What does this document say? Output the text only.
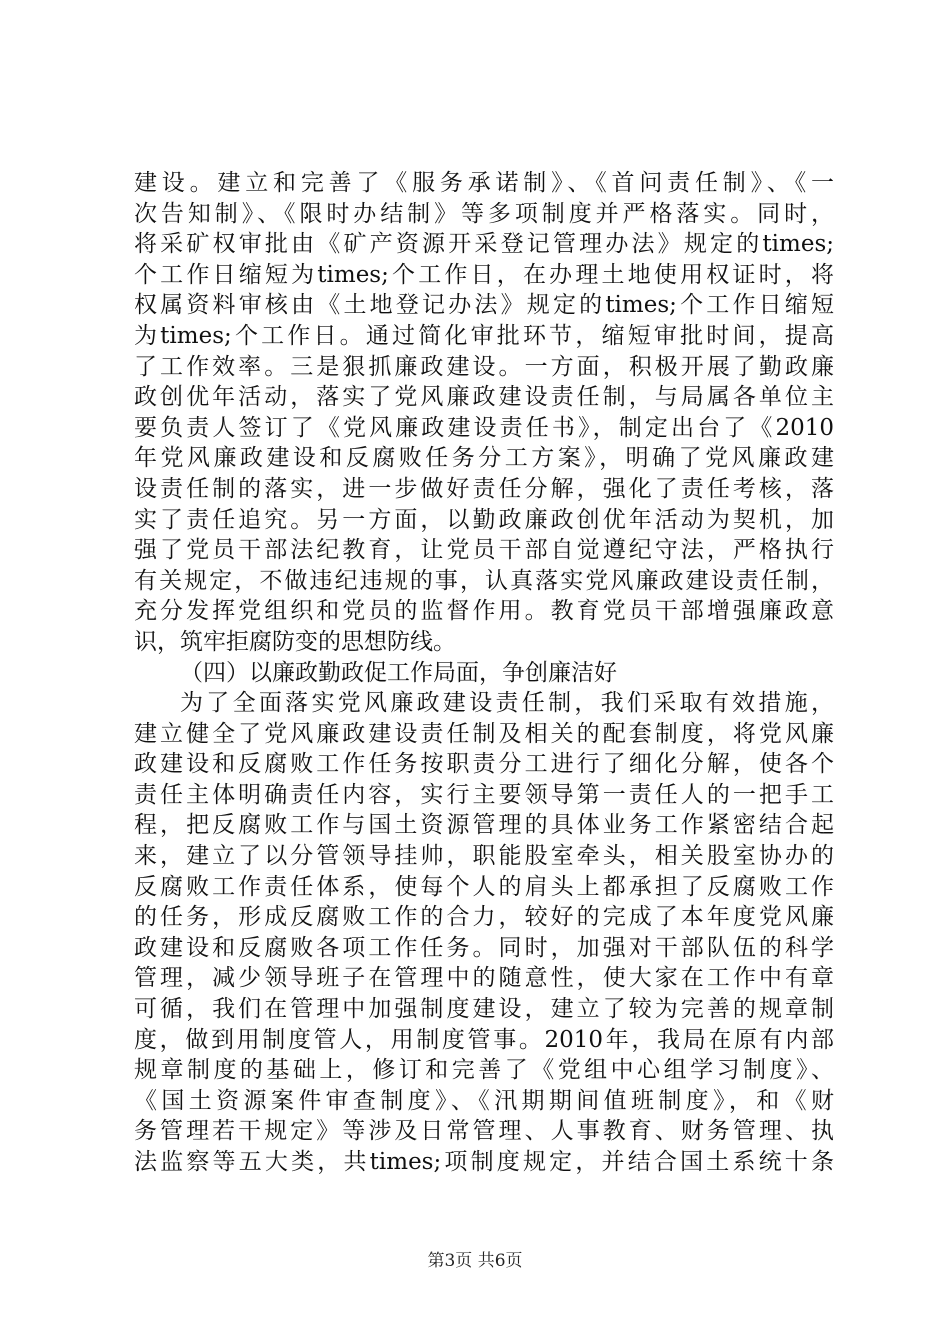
建设。建立和完善了《服务承诺制》、《首问责任制》、《一
次告知制》、《限时办结制》等多项制度并严格落实。同时，
将采矿权审批由《矿产资源开采登记管理办法》规定的times;
个工作日缩短为times;个工作日，在办理土地使用权证时，将
权属资料审核由《土地登记办法》规定的times;个工作日缩短
为times;个工作日。通过简化审批环节，缩短审批时间，提高
了工作效率。三是狠抓廉政建设。一方面，积极开展了勤政廉
政创优年活动，落实了党风廉政建设责任制，与局属各单位主
要负责人签订了《党风廉政建设责任书》，制定出台了《2010
年党风廉政建设和反腐败任务分工方案》，明确了党风廉政建
设责任制的落实，进一步做好责任分解，强化了责任考核，落
实了责任追究。另一方面，以勤政廉政创优年活动为契机，加
强了党员干部法纪教育，让党员干部自觉遵纪守法，严格执行
有关规定，不做违纪违规的事，认真落实党风廉政建设责任制，
充分发挥党组织和党员的监督作用。教育党员干部增强廉政意
识，筑牢拒腐防变的思想防线。
（四）以廉政勤政促工作局面，争创廉洁好
为了全面落实党风廉政建设责任制，我们采取有效措施，
建立健全了党风廉政建设责任制及相关的配套制度，将党风廉
政建设和反腐败工作任务按职责分工进行了细化分解，使各个
责任主体明确责任内容，实行主要领导第一责任人的一把手工
程，把反腐败工作与国土资源管理的具体业务工作紧密结合起
来，建立了以分管领导挂帅，职能股室牵头，相关股室协办的
反腐败工作责任体系，使每个人的肩头上都承担了反腐败工作
的任务，形成反腐败工作的合力，较好的完成了本年度党风廉
政建设和反腐败各项工作任务。同时，加强对干部队伍的科学
管理，减少领导班子在管理中的随意性，使大家在工作中有章
可循，我们在管理中加强制度建设，建立了较为完善的规章制
度，做到用制度管人，用制度管事。2010年，我局在原有内部
规章制度的基础上，修订和完善了《党组中心组学习制度》、
《国土资源案件审查制度》、《汛期期间值班制度》，和《财
务管理若干规定》等涉及日常管理、人事教育、财务管理、执
法监察等五大类，共times;项制度规定，并结合国土系统十条
第3页 共6页
